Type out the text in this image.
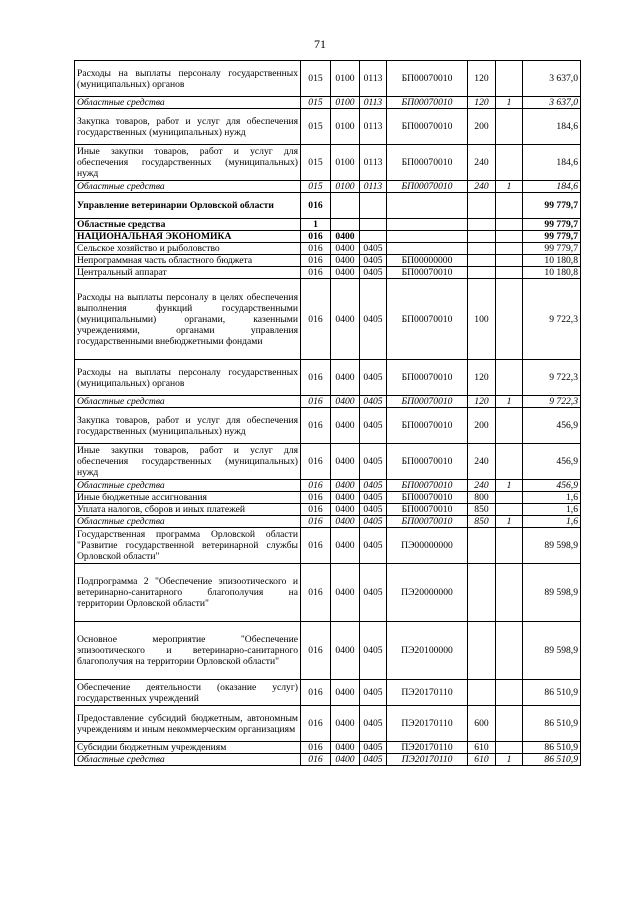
71
Расходы на выплаты персоналу государственных (муниципальных) органов	015	0100	0113	БП00070010	120		3 637,0
Областные средства	015	0100	0113	БП00070010	120	1	3 637,0
Закупка товаров, работ и услуг для обеспечения государственных (муниципальных) нужд	015	0100	0113	БП00070010	200		184,6
Иные закупки товаров, работ и услуг для обеспечения государственных (муниципальных) нужд	015	0100	0113	БП00070010	240		184,6
Областные средства	015	0100	0113	БП00070010	240	1	184,6
Управление ветеринарии Орловской области	016						99 779,7
Областные средства	1						99 779,7
НАЦИОНАЛЬНАЯ ЭКОНОМИКА	016	0400					99 779,7
Сельское хозяйство и рыболовство	016	0400	0405				99 779,7
Непрограммная часть областного бюджета	016	0400	0405	БП00000000			10 180,8
Центральный аппарат	016	0400	0405	БП00070010			10 180,8
Расходы на выплаты персоналу в целях обеспечения выполнения функций государственными (муниципальными) органами, казенными учреждениями, органами управления государственными внебюджетными фондами	016	0400	0405	БП00070010	100		9 722,3
Расходы на выплаты персоналу государственных (муниципальных) органов	016	0400	0405	БП00070010	120		9 722,3
Областные средства	016	0400	0405	БП00070010	120	1	9 722,3
Закупка товаров, работ и услуг для обеспечения государственных (муниципальных) нужд	016	0400	0405	БП00070010	200		456,9
Иные закупки товаров, работ и услуг для обеспечения государственных (муниципальных) нужд	016	0400	0405	БП00070010	240		456,9
Областные средства	016	0400	0405	БП00070010	240	1	456,9
Иные бюджетные ассигнования	016	0400	0405	БП00070010	800		1,6
Уплата налогов, сборов и иных платежей	016	0400	0405	БП00070010	850		1,6
Областные средства	016	0400	0405	БП00070010	850	1	1,6
Государственная программа Орловской области "Развитие государственной ветеринарной службы Орловской области"	016	0400	0405	ПЭ00000000			89 598,9
Подпрограмма 2 "Обеспечение эпизоотического и ветеринарно-санитарного благополучия на территории Орловской области"	016	0400	0405	ПЭ20000000			89 598,9
Основное мероприятие "Обеспечение эпизоотического и ветеринарно-санитарного благополучия на территории Орловской области"	016	0400	0405	ПЭ20100000			89 598,9
Обеспечение деятельности (оказание услуг) государственных учреждений	016	0400	0405	ПЭ20170110			86 510,9
Предоставление субсидий бюджетным, автономным учреждениям и иным некоммерческим организациям	016	0400	0405	ПЭ20170110	600		86 510,9
Субсидии бюджетным учреждениям	016	0400	0405	ПЭ20170110	610		86 510,9
Областные средства	016	0400	0405	ПЭ20170110	610	1	86 510,9
